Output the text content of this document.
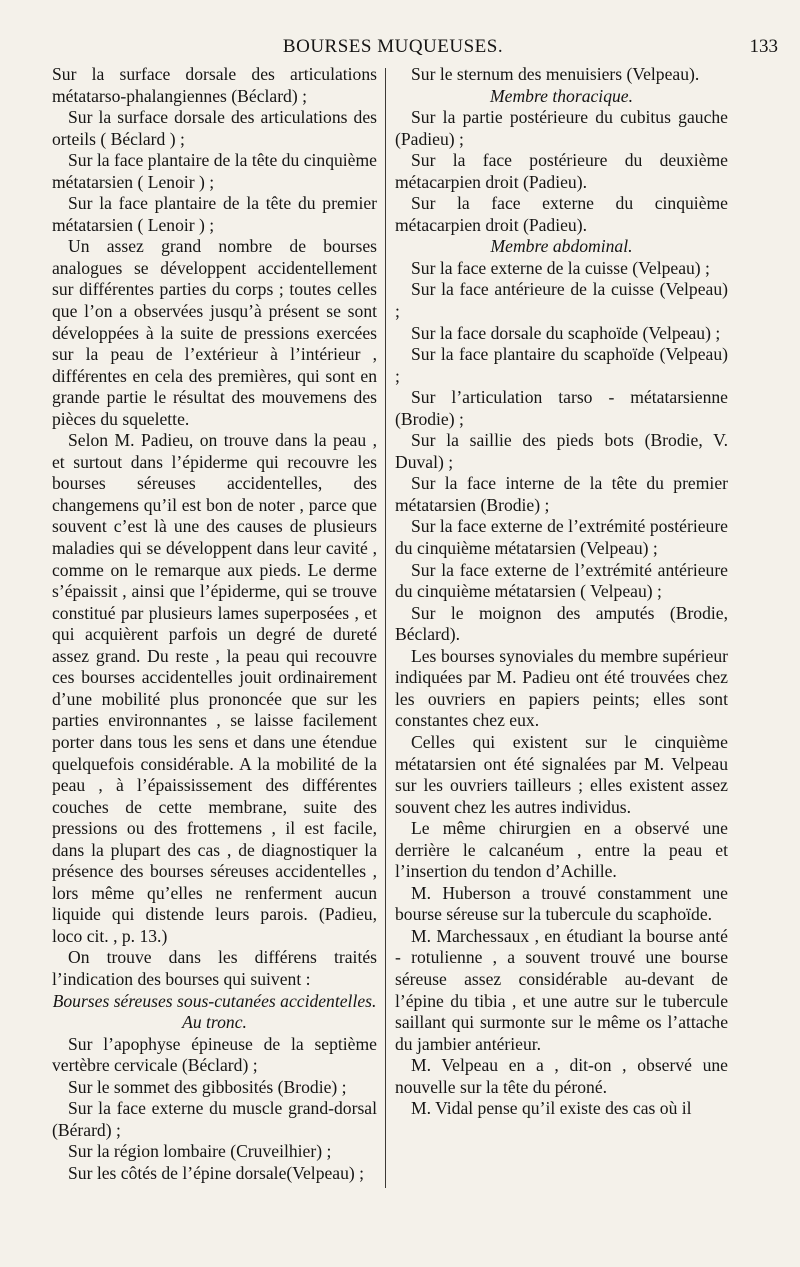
BOURSES MUQUEUSES.	133

Sur la surface dorsale des articulations métatarso-phalangiennes (Béclard) ;

Sur la surface dorsale des articulations des orteils ( Béclard ) ;

Sur la face plantaire de la tête du cinquième métatarsien ( Lenoir ) ;

Sur la face plantaire de la tête du premier métatarsien ( Lenoir ) ;

Un assez grand nombre de bourses analogues se développent accidentellement sur différentes parties du corps ; toutes celles que l’on a observées jusqu’à présent se sont développées à la suite de pressions exercées sur la peau de l’extérieur à l’intérieur , différentes en cela des premières, qui sont en grande partie le résultat des mouvemens des pièces du squelette.

Selon M. Padieu, on trouve dans la peau , et surtout dans l’épiderme qui recouvre les bourses séreuses accidentelles, des changemens qu’il est bon de noter , parce que souvent c’est là une des causes de plusieurs maladies qui se développent dans leur cavité , comme on le remarque aux pieds. Le derme s’épaissit , ainsi que l’épiderme, qui se trouve constitué par plusieurs lames superposées , et qui acquièrent parfois un degré de dureté assez grand. Du reste , la peau qui recouvre ces bourses accidentelles jouit ordinairement d’une mobilité plus prononcée que sur les parties environnantes , se laisse facilement porter dans tous les sens et dans une étendue quelquefois considérable. A la mobilité de la peau , à l’épaississement des différentes couches de cette membrane, suite des pressions ou des frottemens , il est facile, dans la plupart des cas , de diagnostiquer la présence des bourses séreuses accidentelles , lors même qu’elles ne renferment aucun liquide qui distende leurs parois. (Padieu, loco cit. , p. 13.)

On trouve dans les différens traités l’indication des bourses qui suivent :

Bourses séreuses sous-cutanées accidentelles.

Au tronc.

Sur l’apophyse épineuse de la septième vertèbre cervicale (Béclard) ;

Sur le sommet des gibbosités (Brodie) ;

Sur la face externe du muscle grand-dorsal (Bérard) ;

Sur la région lombaire (Cruveilhier) ;

Sur les côtés de l’épine dorsale(Velpeau) ;

Sur le sternum des menuisiers (Velpeau).

Membre thoracique.

Sur la partie postérieure du cubitus gauche (Padieu) ;

Sur la face postérieure du deuxième métacarpien droit (Padieu).

Sur la face externe du cinquième métacarpien droit (Padieu).

Membre abdominal.

Sur la face externe de la cuisse (Velpeau) ;

Sur la face antérieure de la cuisse (Velpeau) ;

Sur la face dorsale du scaphoïde (Velpeau) ;

Sur la face plantaire du scaphoïde (Velpeau) ;

Sur l’articulation tarso - métatarsienne (Brodie) ;

Sur la saillie des pieds bots (Brodie, V. Duval) ;

Sur la face interne de la tête du premier métatarsien (Brodie) ;

Sur la face externe de l’extrémité postérieure du cinquième métatarsien (Velpeau) ;

Sur la face externe de l’extrémité antérieure du cinquième métatarsien ( Velpeau) ;

Sur le moignon des amputés (Brodie, Béclard).

Les bourses synoviales du membre supérieur indiquées par M. Padieu ont été trouvées chez les ouvriers en papiers peints; elles sont constantes chez eux.

Celles qui existent sur le cinquième métatarsien ont été signalées par M. Velpeau sur les ouvriers tailleurs ; elles existent assez souvent chez les autres individus.

Le même chirurgien en a observé une derrière le calcanéum , entre la peau et l’insertion du tendon d’Achille.

M. Huberson a trouvé constamment une bourse séreuse sur la tubercule du scaphoïde.

M. Marchessaux , en étudiant la bourse anté - rotulienne , a souvent trouvé une bourse séreuse assez considérable au-devant de l’épine du tibia , et une autre sur le tubercule saillant qui surmonte sur le même os l’attache du jambier antérieur.

M. Velpeau en a , dit-on , observé une nouvelle sur la tête du péroné.

M. Vidal pense qu’il existe des cas où il
